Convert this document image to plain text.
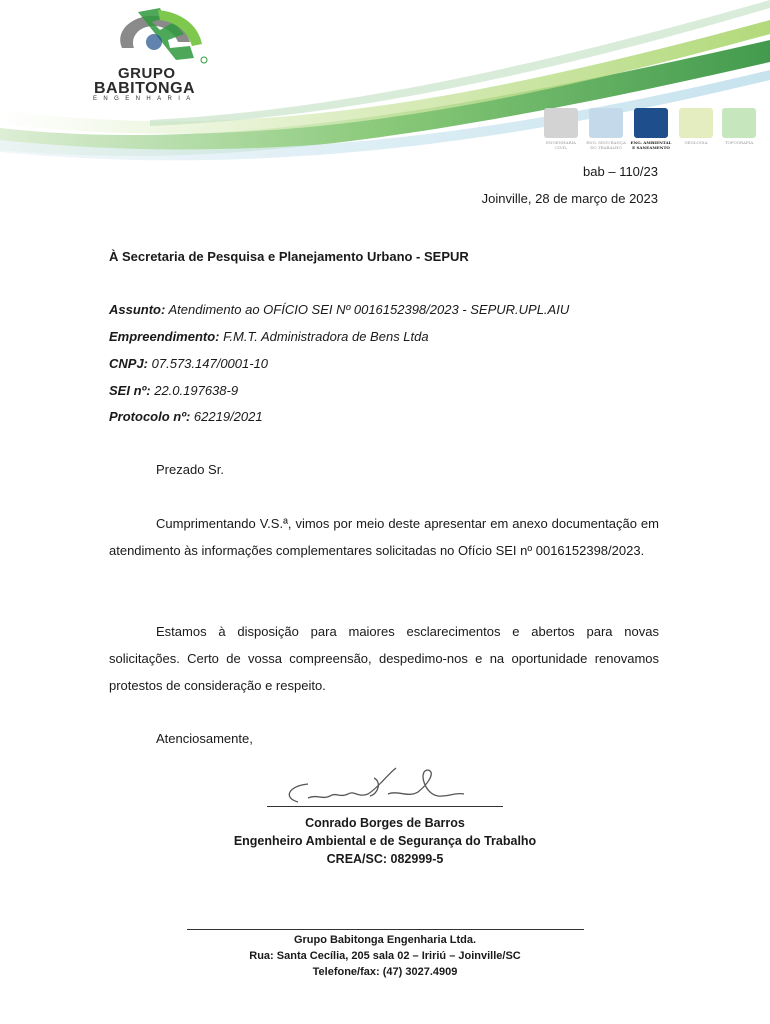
GRUPO
BABITONGA
ENGENHARIA
ENGENHARIA CIVIL
ENG. SEGURANÇA DO TRABALHO
ENG. AMBIENTAL E SANEAMENTO
GEOLOGIA	TOPOGRAFIA
bab – 110/23
Joinville, 28 de março de 2023
À Secretaria de Pesquisa e Planejamento Urbano - SEPUR
Assunto: Atendimento ao OFÍCIO SEI Nº 0016152398/2023 - SEPUR.UPL.AIU
Empreendimento: F.M.T. Administradora de Bens Ltda
CNPJ: 07.573.147/0001-10
SEI nº: 22.0.197638-9
Protocolo nº: 62219/2021
Prezado Sr.
Cumprimentando V.S.ª, vimos por meio deste apresentar em anexo documentação em atendimento às informações complementares solicitadas no Ofício SEI nº 0016152398/2023.
Estamos à disposição para maiores esclarecimentos e abertos para novas solicitações. Certo de vossa compreensão, despedimo-nos e na oportunidade renovamos protestos de consideração e respeito.
Atenciosamente,
Conrado Borges de Barros
Engenheiro Ambiental e de Segurança do Trabalho
CREA/SC: 082999-5
Grupo Babitonga Engenharia Ltda.
Rua: Santa Cecília, 205 sala 02 – Iririú – Joinville/SC
Telefone/fax: (47) 3027.4909
